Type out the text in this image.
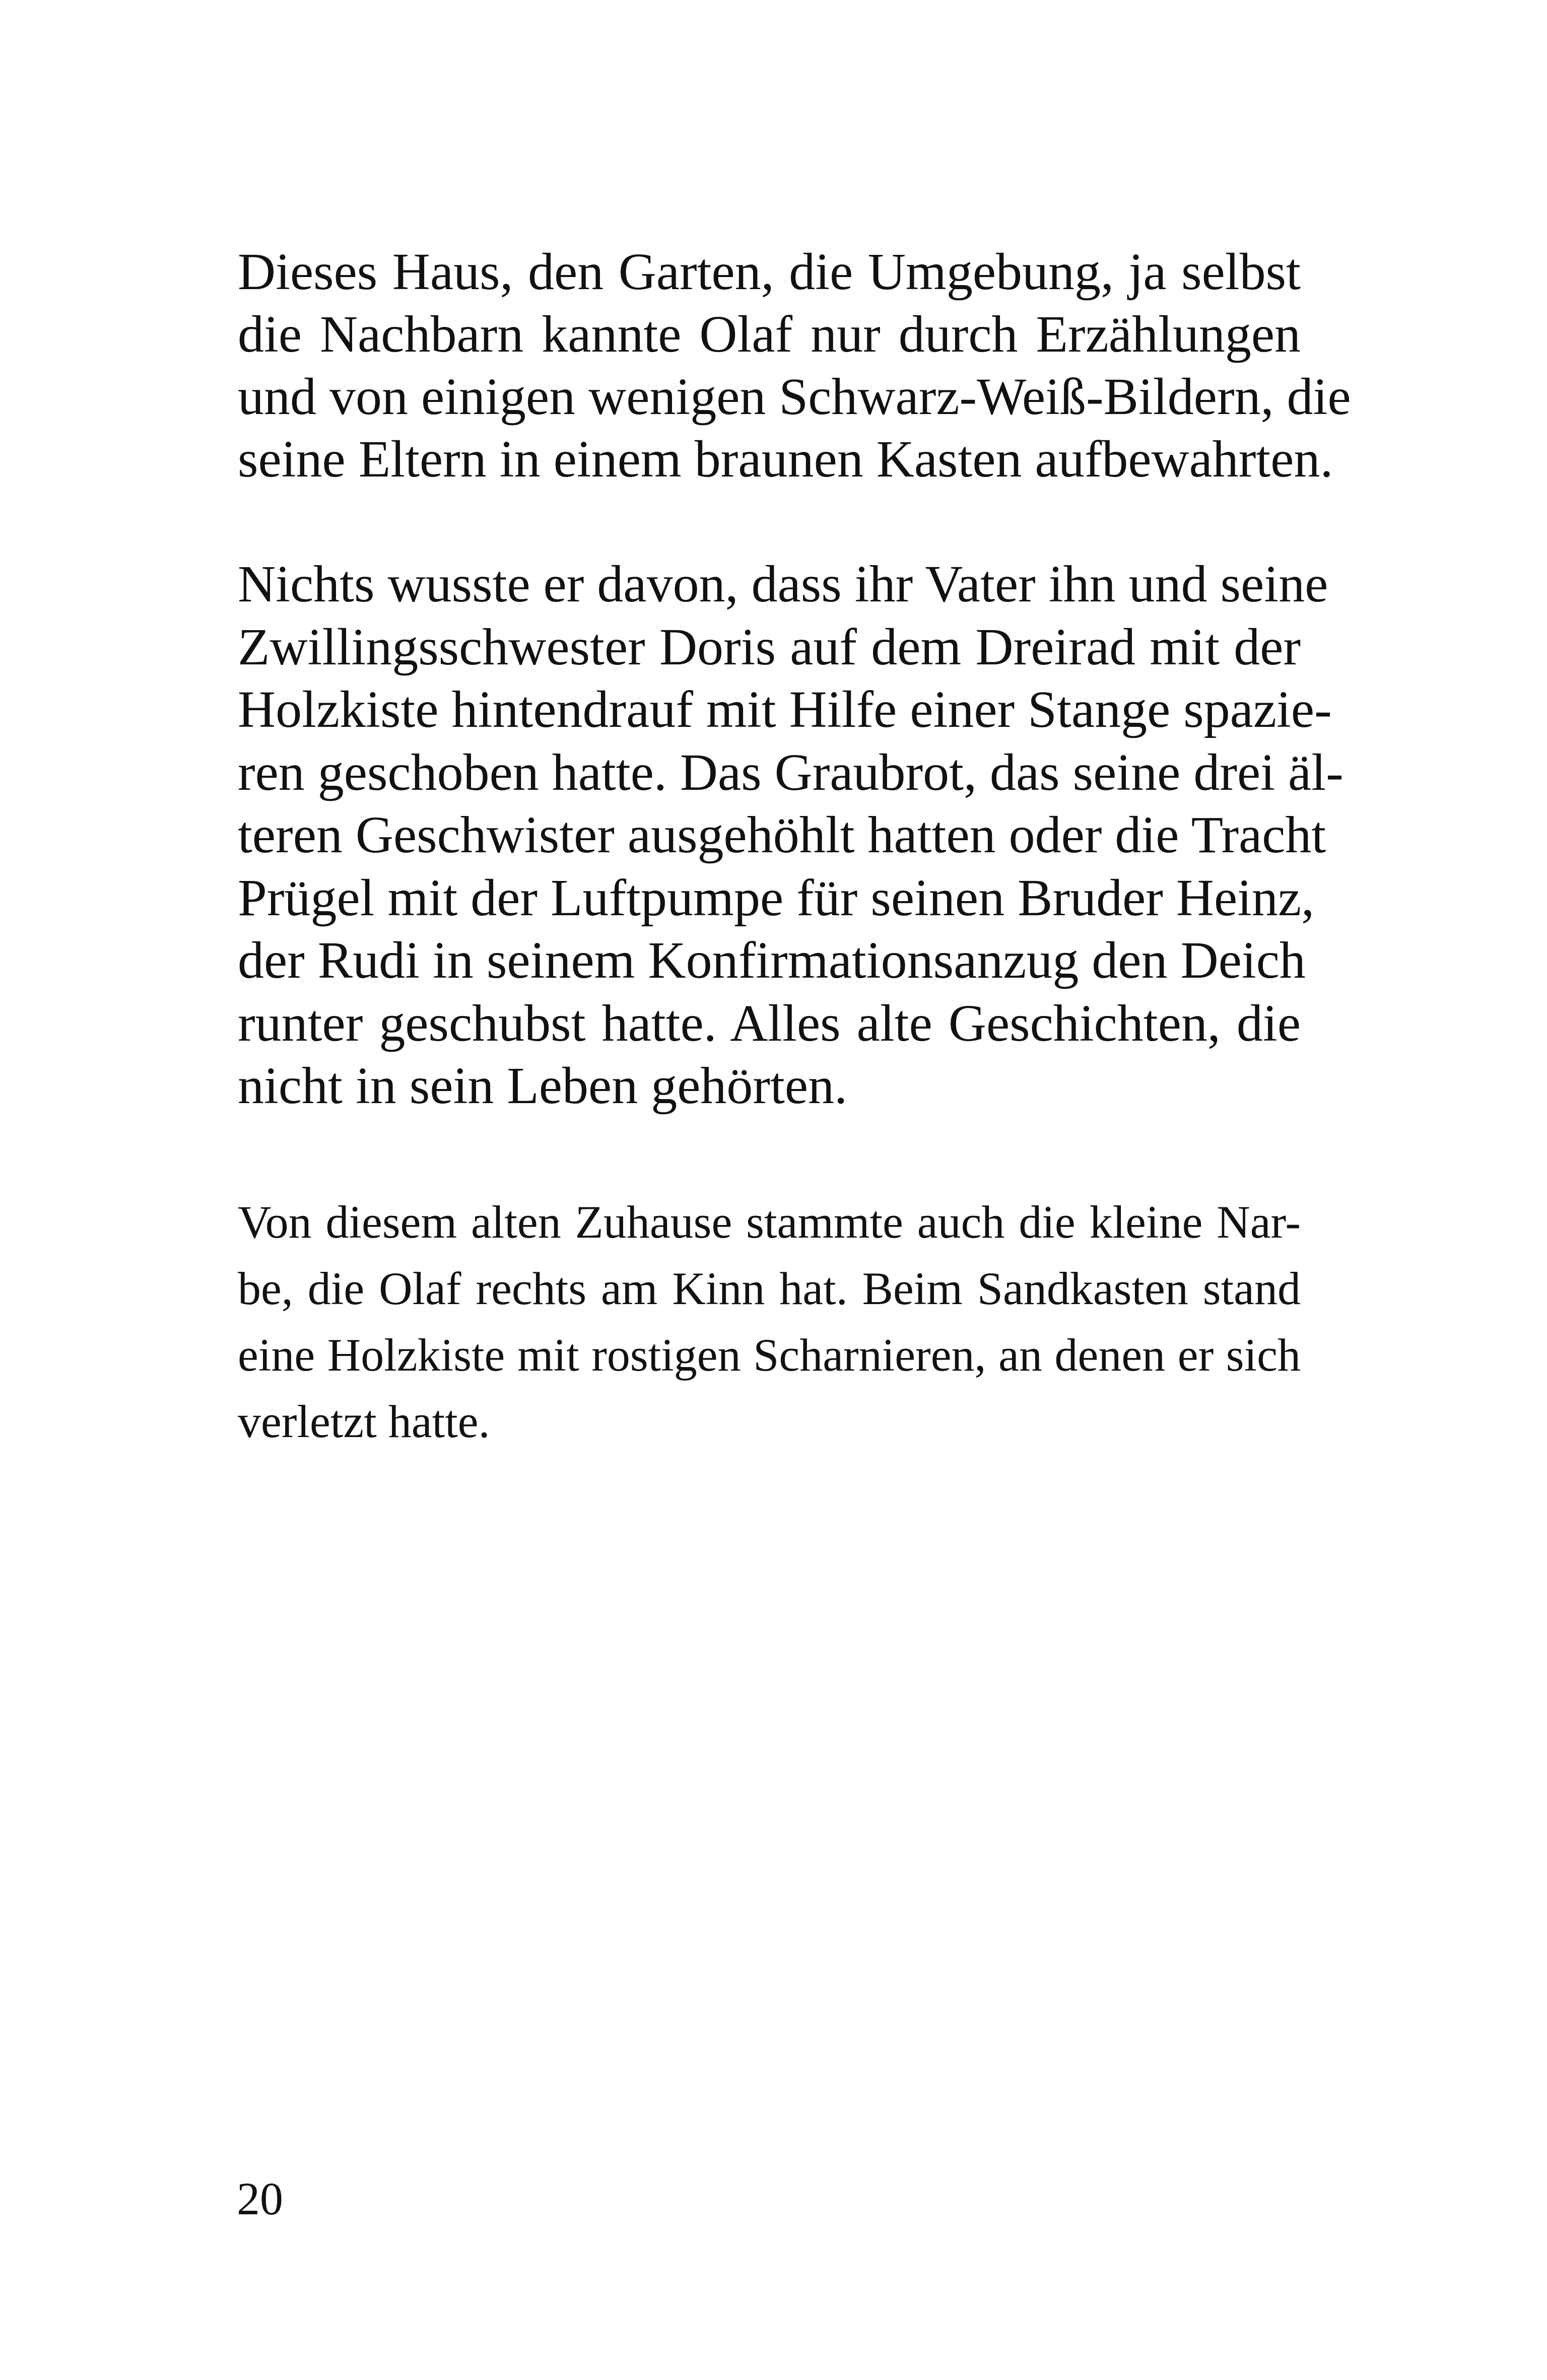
Dieses Haus, den Garten, die Umgebung, ja selbst
die Nachbarn kannte Olaf nur durch Erzählungen
und von einigen wenigen Schwarz-Weiß-Bildern, die
seine Eltern in einem braunen Kasten aufbewahrten.
Nichts wusste er davon, dass ihr Vater ihn und seine
Zwillingsschwester Doris auf dem Dreirad mit der
Holzkiste hintendrauf mit Hilfe einer Stange spazie-
ren geschoben hatte. Das Graubrot, das seine drei äl-
teren Geschwister ausgehöhlt hatten oder die Tracht
Prügel mit der Luftpumpe für seinen Bruder Heinz,
der Rudi in seinem Konfirmationsanzug den Deich
runter geschubst hatte. Alles alte Geschichten, die
nicht in sein Leben gehörten.
Von diesem alten Zuhause stammte auch die kleine Nar-
be, die Olaf rechts am Kinn hat. Beim Sandkasten stand
eine Holzkiste mit rostigen Scharnieren, an denen er sich
verletzt hatte.
20
